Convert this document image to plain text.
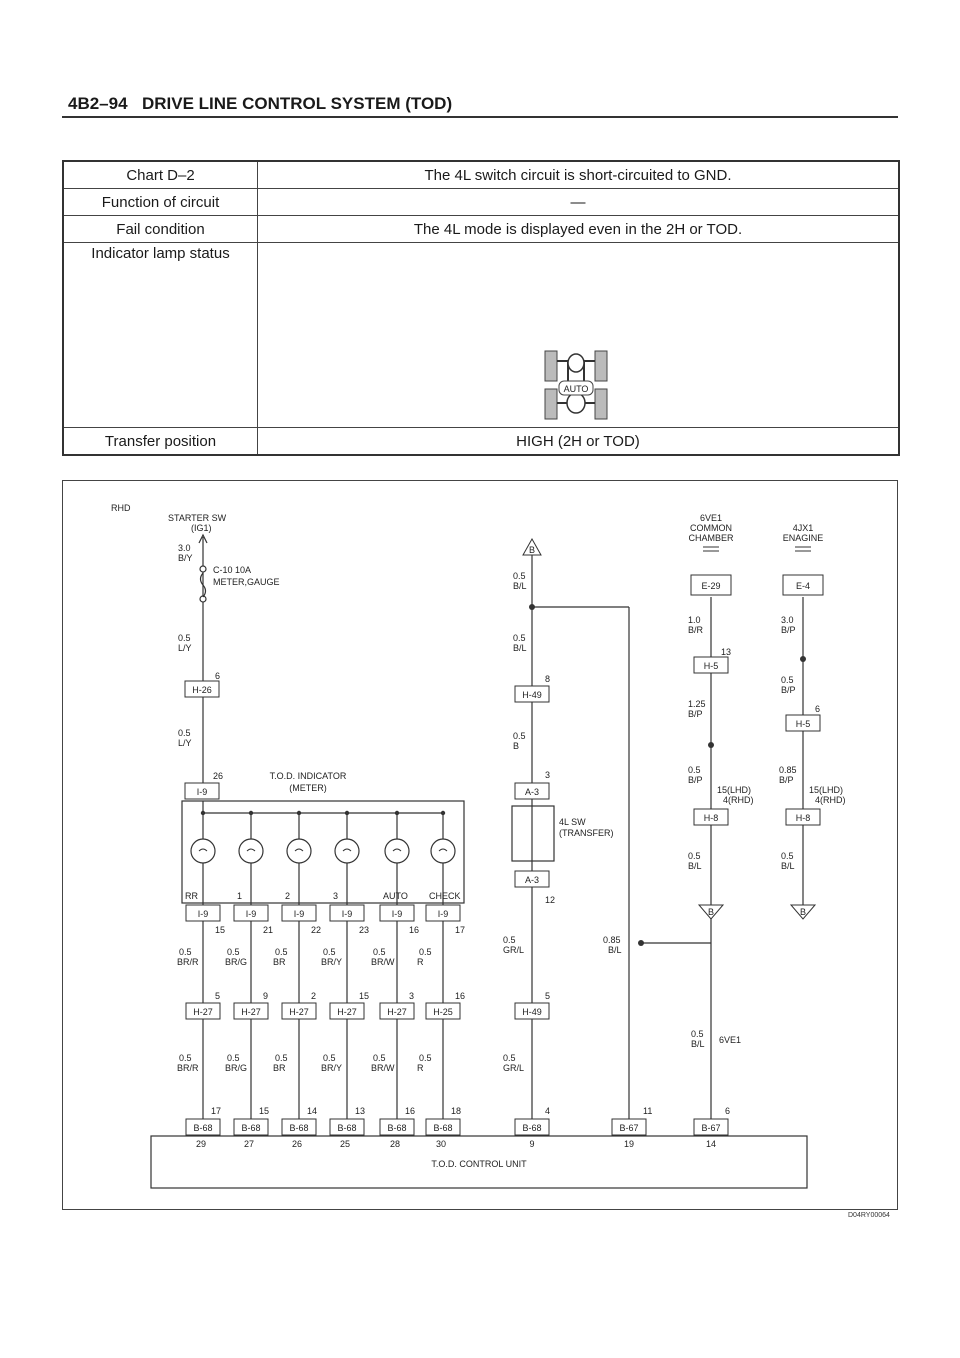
4B2–94 DRIVE LINE CONTROL SYSTEM (TOD)
Chart D–2	The 4L switch circuit is short-circuited to GND.
Function of circuit	—
Fail condition	The 4L mode is displayed even in the 2H or TOD.
Indicator lamp status	AUTO

Transfer position	HIGH (2H or TOD)
RHD
STARTER SW
(IG1)
3.0
B/Y
C-10 10A
METER,GAUGE
0.5
L/Y
H-26
6
0.5
L/Y
I-9
26	T.O.D. INDICATOR
(METER)
RR	1	2	3	AUTO CHECK
I-9
15
0.5
BR/R
H-27
5
0.5
BR/R
B-68
17
29
I-9
21
0.5
BR/G
H-27
9
0.5
BR/G
B-68
15
27
I-9
22
0.5
BR
H-27
2
0.5
BR
B-68
14
26
I-9
23
0.5
BR/Y
H-27
15
0.5
BR/Y
B-68
13
25
I-9
16
0.5
BR/W
H-27
3
0.5
BR/W
B-68
16
28
I-9
17
0.5
R
H-25
16
0.5
R
B-68
18
30
B
0.5
B/L
0.5
B/L
H-49
8
0.5
B
A-3
3
4L SW
(TRANSFER)
A-3
12
0.5
GR/L
H-49
5
0.5
GR/L
B-68
4
9
0.85
B/L
B-67
11
19
6VE1
COMMON
CHAMBER
E-29
1.0
B/R
H-5
13
1.25
B/P
0.5
B/P
15(LHD)
4(RHD)
H-8
0.5
B/L
B
0.5
B/L 6VE1
B-67
6
14
4JX1
ENAGINE
E-4
3.0
B/P
0.5
B/P
H-5
6
0.85
B/P
15(LHD)
4(RHD)
H-8
0.5
B/L
B
T.O.D. CONTROL UNIT
D04RY00064
